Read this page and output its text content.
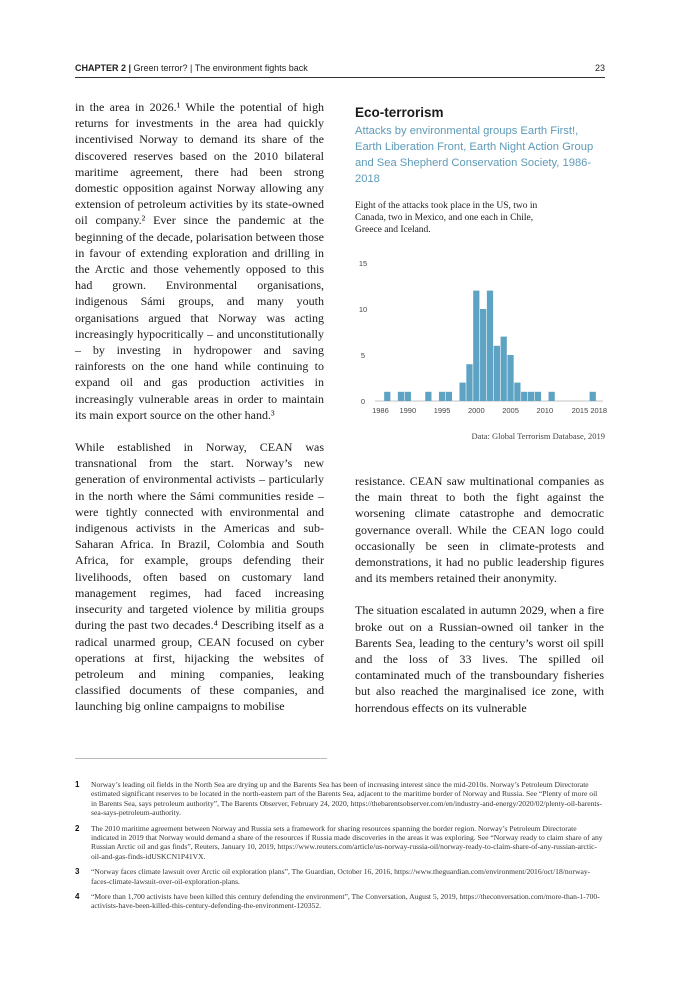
CHAPTER 2 | Green terror? | The environment fights back	23

in the area in 2026.¹ While the potential of high returns for investments in the area had quickly incentivised Norway to demand its share of the discovered reserves based on the 2010 bilateral maritime agreement, there had been strong domestic opposition against Norway allowing any extension of petroleum activities by its state-owned oil company.² Ever since the pandemic at the beginning of the decade, polarisation between those in favour of extending exploration and drilling in the Arctic and those vehemently opposed to this had grown. Environmental organisations, indigenous Sámi groups, and many youth organisations argued that Norway was acting increasingly hypocritically – and unconstitutionally – by investing in hydropower and saving rainforests on the one hand while continuing to expand oil and gas production activities in increasingly vulnerable areas in order to maintain its main export source on the other hand.³

While established in Norway, CEAN was transnational from the start. Norway’s new generation of environmental activists – particularly in the north where the Sámi communities reside – were tightly connected with environmental and indigenous activists in the Americas and sub-Saharan Africa. In Brazil, Colombia and South Africa, for example, groups defending their livelihoods, often based on customary land management regimes, had faced increasing insecurity and targeted violence by militia groups during the past two decades.⁴ Describing itself as a radical unarmed group, CEAN focused on cyber operations at first, hijacking the websites of petroleum and mining companies, leaking classified documents of these companies, and launching big online campaigns to mobilise

Eco-terrorism
Attacks by environmental groups Earth First!, Earth Liberation Front, Earth Night Action Group and Sea Shepherd Conservation Society, 1986-2018
Eight of the attacks took place in the US, two in Canada, two in Mexico, and one each in Chile, Greece and Iceland.
0
5
10
15
1986 1990 1995 2000 2005 2010 2015 2018
Data: Global Terrorism Database, 2019

resistance. CEAN saw multinational companies as the main threat to both the fight against the worsening climate catastrophe and democratic governance overall. While the CEAN logo could occasionally be seen in climate-protests and demonstrations, it had no public leadership figures and its members retained their anonymity.

The situation escalated in autumn 2029, when a fire broke out on a Russian-owned oil tanker in the Barents Sea, leading to the century’s worst oil spill and the loss of 33 lives. The spilled oil contaminated much of the transboundary fisheries but also reached the marginalised ice zone, with horrendous effects on its vulnerable

1 Norway’s leading oil fields in the North Sea are drying up and the Barents Sea has been of increasing interest since the mid-2010s. Norway’s Petroleum Directorate estimated significant reserves to be located in the north-eastern part of the Barents Sea, adjacent to the maritime border of Norway and Russia. See “Plenty of more oil in Barents Sea, says petroleum authority”, The Barents Observer, February 24, 2020, https://thebarentsobserver.com/en/industry-and-energy/2020/02/plenty-oil-barents-sea-says-petroleum-authority.
2 The 2010 maritime agreement between Norway and Russia sets a framework for sharing resources spanning the border region. Norway’s Petroleum Directorate indicated in 2019 that Norway would demand a share of the resources if Russia made discoveries in the areas it was exploring. See “Norway ready to claim share of any Russian Arctic oil and gas finds”, Reuters, January 10, 2019, https://www.reuters.com/article/us-norway-russia-oil/norway-ready-to-claim-share-of-any-russian-arctic-oil-and-gas-finds-idUSKCN1P41VX.
3 “Norway faces climate lawsuit over Arctic oil exploration plans”, The Guardian, October 16, 2016, https://www.theguardian.com/environment/2016/oct/18/norway-faces-climate-lawsuit-over-oil-exploration-plans.
4 “More than 1,700 activists have been killed this century defending the environment”, The Conversation, August 5, 2019, https://theconversation.com/more-than-1-700-activists-have-been-killed-this-century-defending-the-environment-120352.
